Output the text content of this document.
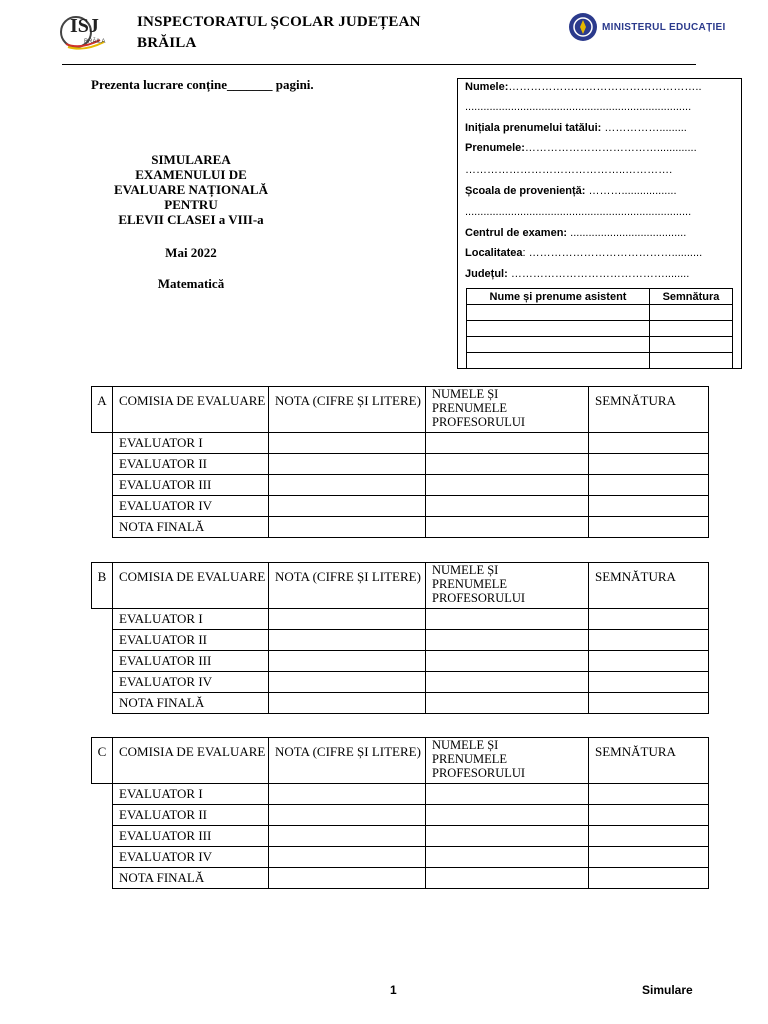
ISJ
BRĂILA
INSPECTORATUL ȘCOLAR JUDEȚEAN
BRĂILA
MINISTERUL EDUCAȚIEI
Prezenta lucrare conține_______ pagini.
SIMULAREA
EXAMENULUI DE
EVALUARE NAȚIONALĂ
PENTRU
ELEVII CLASEI a VIII-a
Mai 2022
Matematică
Numele:……………………………………………..
..........................................................................
Inițiala prenumelui tatălui: …………….........
Prenumele:……………………………….............
……………………………………..………….
Școala de proveniență: ………..................
..........................................................................
Centrul de examen: ......................................
Localitatea: …………………………………..........
Județul: ……………………………………........
Nume și prenume asistent	Semnătura

A	COMISIA DE EVALUARE	NOTA (CIFRE ȘI LITERE)	NUMELE ȘI
PRENUMELE
PROFESORULUI	SEMNĂTURA
	EVALUATOR I			
	EVALUATOR II			
	EVALUATOR III			
	EVALUATOR IV			
	NOTA FINALĂ			
B	COMISIA DE EVALUARE	NOTA (CIFRE ȘI LITERE)	NUMELE ȘI
PRENUMELE
PROFESORULUI	SEMNĂTURA
	EVALUATOR I			
	EVALUATOR II			
	EVALUATOR III			
	EVALUATOR IV			
	NOTA FINALĂ			
C	COMISIA DE EVALUARE	NOTA (CIFRE ȘI LITERE)	NUMELE ȘI
PRENUMELE
PROFESORULUI	SEMNĂTURA
	EVALUATOR I			
	EVALUATOR II			
	EVALUATOR III			
	EVALUATOR IV			
	NOTA FINALĂ			
1	Simulare
